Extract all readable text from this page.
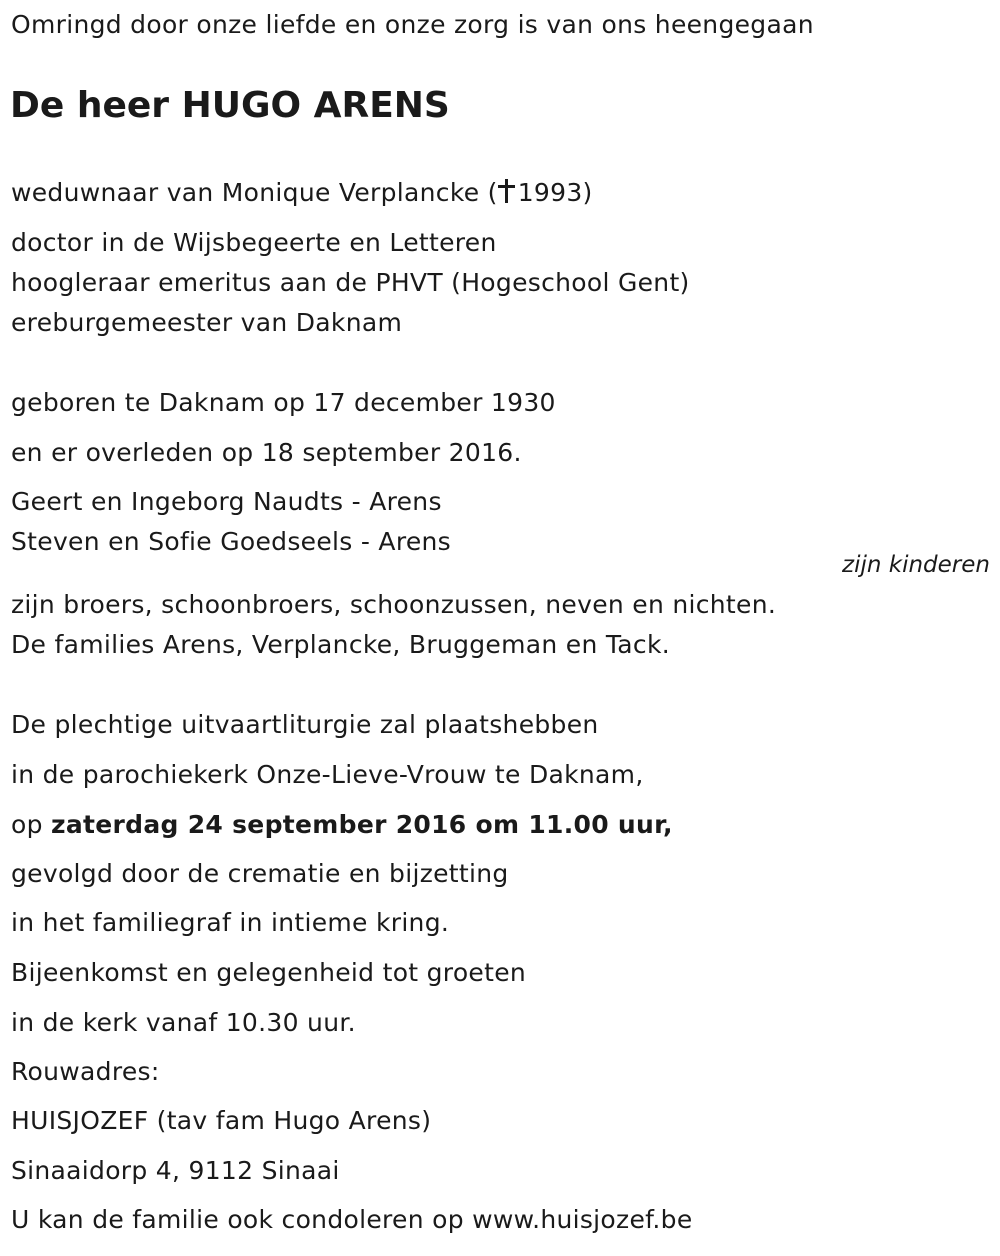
Omringd door onze liefde en onze zorg is van ons heengegaan
De heer HUGO ARENS
weduwnaar van Monique Verplancke ( 1993)
doctor in de Wijsbegeerte en Letteren
hoogleraar emeritus aan de PHVT (Hogeschool Gent)
ereburgemeester van Daknam
geboren te Daknam op 17 december 1930
en er overleden op 18 september 2016.
Geert en Ingeborg Naudts - Arens
Steven en Sofie Goedseels - Arens
zijn kinderen
zijn broers, schoonbroers, schoonzussen, neven en nichten.
De families Arens, Verplancke, Bruggeman en Tack.
De plechtige uitvaartliturgie zal plaatshebben
in de parochiekerk Onze-Lieve-Vrouw te Daknam,
op zaterdag 24 september 2016 om 11.00 uur,
gevolgd door de crematie en bijzetting
in het familiegraf in intieme kring.
Bijeenkomst en gelegenheid tot groeten
in de kerk vanaf 10.30 uur.
Rouwadres:
HUISJOZEF (tav fam Hugo Arens)
Sinaaidorp 4, 9112 Sinaai
U kan de familie ook condoleren op www.huisjozef.be
